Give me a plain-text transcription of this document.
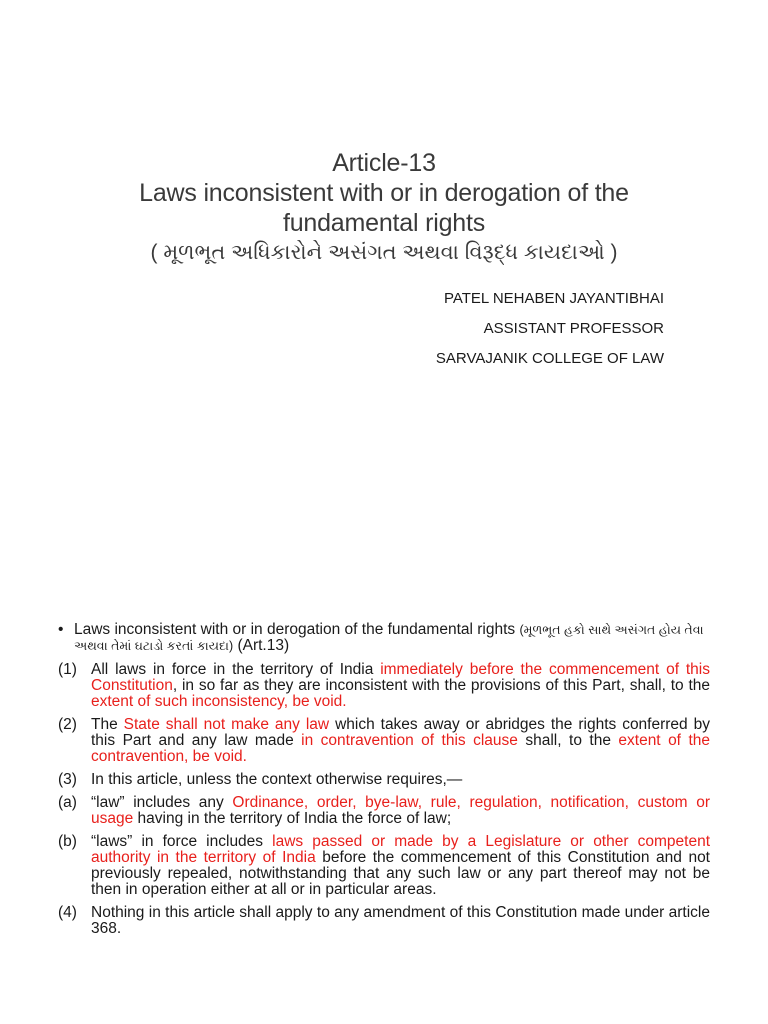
Article-13
Laws inconsistent with or in derogation of the
fundamental rights
( મૂળભૂત અધિકારોને અસંગત અથવા વિરૂદ્ધ કાયદાઓ )
PATEL NEHABEN JAYANTIBHAI
ASSISTANT PROFESSOR
SARVAJANIK COLLEGE OF LAW
• Laws inconsistent with or in derogation of the fundamental rights (મૂળભૂત હકો સાથે અસંગત હોય તેવા અથવા તેમાં ઘટાડો કરતાં કાયદા) (Art.13)
(1) All laws in force in the territory of India immediately before the commencement of this Constitution, in so far as they are inconsistent with the provisions of this Part, shall, to the extent of such inconsistency, be void.
(2) The State shall not make any law which takes away or abridges the rights conferred by this Part and any law made in contravention of this clause shall, to the extent of the contravention, be void.
(3) In this article, unless the context otherwise requires,—
(a) “law” includes any Ordinance, order, bye-law, rule, regulation, notification, custom or usage having in the territory of India the force of law;
(b) “laws” in force includes laws passed or made by a Legislature or other competent authority in the territory of India before the commencement of this Constitution and not previously repealed, notwithstanding that any such law or any part thereof may not be then in operation either at all or in particular areas.
(4) Nothing in this article shall apply to any amendment of this Constitution made under article 368.
